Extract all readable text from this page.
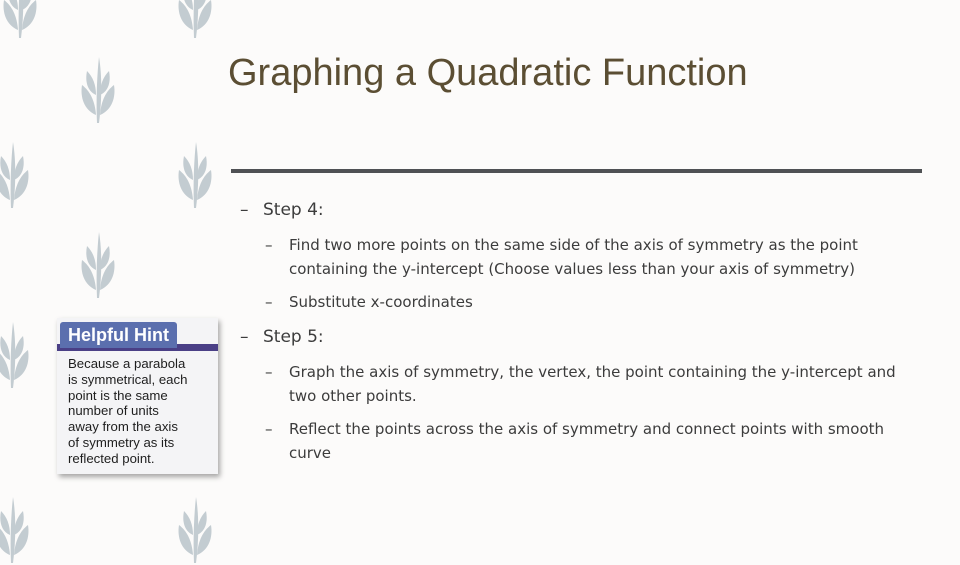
Graphing a Quadratic Function
– Step 4:
–	Find two more points on the same side of the axis of symmetry as the point containing the y-intercept (Choose values less than your axis of symmetry)
–	Substitute x-coordinates
– Step 5:
–	Graph the axis of symmetry, the vertex, the point containing the y-intercept and two other points.
–	Reflect the points across the axis of symmetry and connect points with smooth curve
Helpful Hint
Because a parabola
is symmetrical, each
point is the same
number of units
away from the axis
of symmetry as its
reflected point.
